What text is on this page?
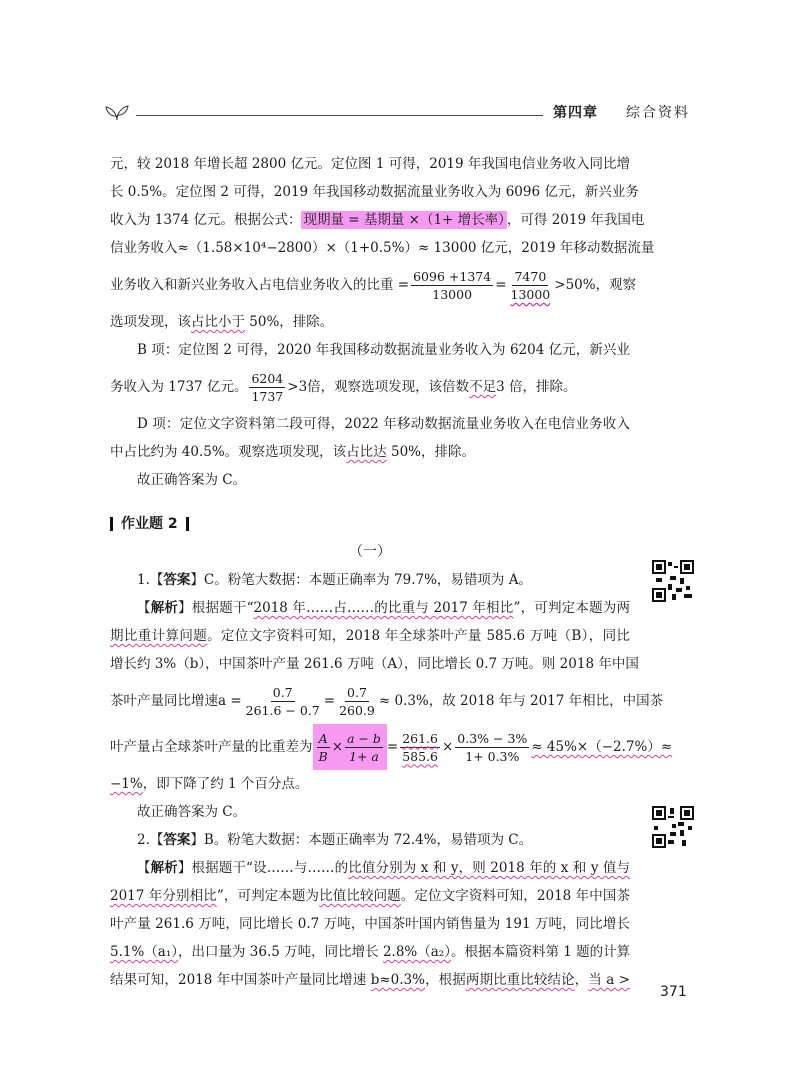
第四章 综合资料
元，较 2018 年增长超 2800 亿元。定位图 1 可得，2019 年我国电信业务收入同比增
长 0.5%。定位图 2 可得，2019 年我国移动数据流量业务收入为 6096 亿元，新兴业务
收入为 1374 亿元。根据公式： 现期量 = 基期量 ×（1+ 增长率） ，可得 2019 年我国电
信业务收入≈（1.58×10⁴−2800）×（1+0.5%）≈ 13000 亿元，2019 年移动数据流量
业务收入和新兴业务收入占电信业务收入的比重 = $\frac{6096 +1374}{13000} = \frac{7470}{13000} >50\%$，观察
选项发现，该占比小于 50%，排除。
B 项：定位图 2 可得，2020 年我国移动数据流量业务收入为 6204 亿元，新兴业
务收入为 1737 亿元。 $\frac{6204}{1737} >3$倍，观察选项发现，该倍数 不足 3 倍，排除。
D 项：定位文字资料第二段可得，2022 年移动数据流量业务收入在电信业务收入
中占比约为 40.5%。观察选项发现，该占比达 50%，排除。
故正确答案为 C。
作业题 2
（一）
1.【答案】C。粉笔大数据：本题正确率为 79.7%，易错项为 A。
【解析】根据题干“2018 年……占……的比重与 2017 年相比”，可判定本题为两
期比重计算问题。定位文字资料可知，2018 年全球茶叶产量 585.6 万吨（B），同比
增长约 3%（b），中国茶叶产量 261.6 万吨（A），同比增长 0.7 万吨。则 2018 年中国
茶叶产量同比增速$a = \frac{0.7}{261.6 - 0.7} = \frac{0.7}{260.9} \approx 0.3\%$，故 2018 年与 2017 年相比，中国茶
叶产量占全球茶叶产量的比重差为 $\frac{A}{B} \times \frac{a - b}{1+ a} = \frac{261.6}{585.6} \times \frac{0.3\% - 3\%}{1+ 0.3\%} \approx 45\%\times(-2.7\%)\approx$
−1%，即下降了约 1 个百分点。
故正确答案为 C。
2.【答案】B。粉笔大数据：本题正确率为 72.4%，易错项为 C。
【解析】根据题干“设……与……的比值分别为 x 和 y，则 2018 年的 x 和 y 值与
2017 年分别相比”，可判定本题为比值比较问题。定位文字资料可知，2018 年中国茶
叶产量 261.6 万吨，同比增长 0.7 万吨，中国茶叶国内销售量为 191 万吨，同比增长
5.1%（a₁），出口量为 36.5 万吨，同比增长 2.8%（a₂）。根据本篇资料第 1 题的计算
结果可知，2018 年中国茶叶产量同比增速 b≈0.3%，根据两期比重比较结论，当 a >
371
